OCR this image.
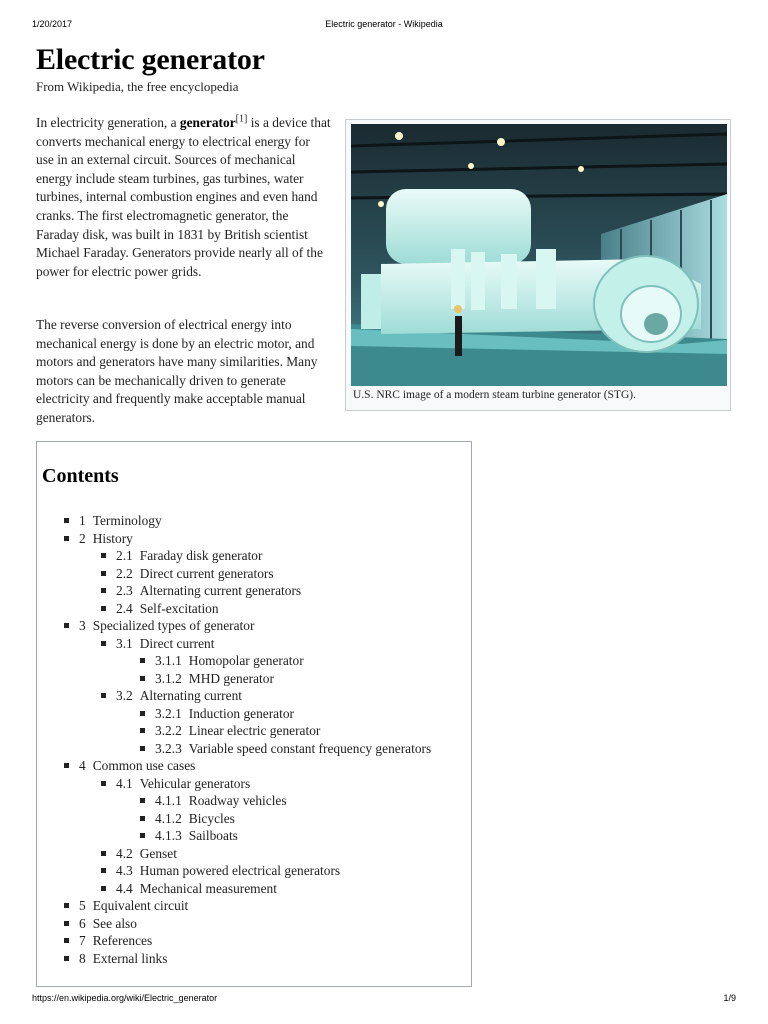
1/20/2017	Electric generator - Wikipedia
Electric generator
From Wikipedia, the free encyclopedia

In electricity generation, a generator[1] is a device that converts mechanical energy to electrical energy for use in an external circuit. Sources of mechanical energy include steam turbines, gas turbines, water turbines, internal combustion engines and even hand cranks. The first electromagnetic generator, the Faraday disk, was built in 1831 by British scientist Michael Faraday. Generators provide nearly all of the power for electric power grids.

The reverse conversion of electrical energy into mechanical energy is done by an electric motor, and motors and generators have many similarities. Many motors can be mechanically driven to generate electricity and frequently make acceptable manual generators.

U.S. NRC image of a modern steam turbine generator (STG).
Contents
1 Terminology
2 History
2.1 Faraday disk generator
2.2 Direct current generators
2.3 Alternating current generators
2.4 Self-excitation
3 Specialized types of generator
3.1 Direct current
3.1.1 Homopolar generator
3.1.2 MHD generator
3.2 Alternating current
3.2.1 Induction generator
3.2.2 Linear electric generator
3.2.3 Variable speed constant frequency generators
4 Common use cases
4.1 Vehicular generators
4.1.1 Roadway vehicles
4.1.2 Bicycles
4.1.3 Sailboats
4.2 Genset
4.3 Human powered electrical generators
4.4 Mechanical measurement
5 Equivalent circuit
6 See also
7 References
8 External links
https://en.wikipedia.org/wiki/Electric_generator	1/9
